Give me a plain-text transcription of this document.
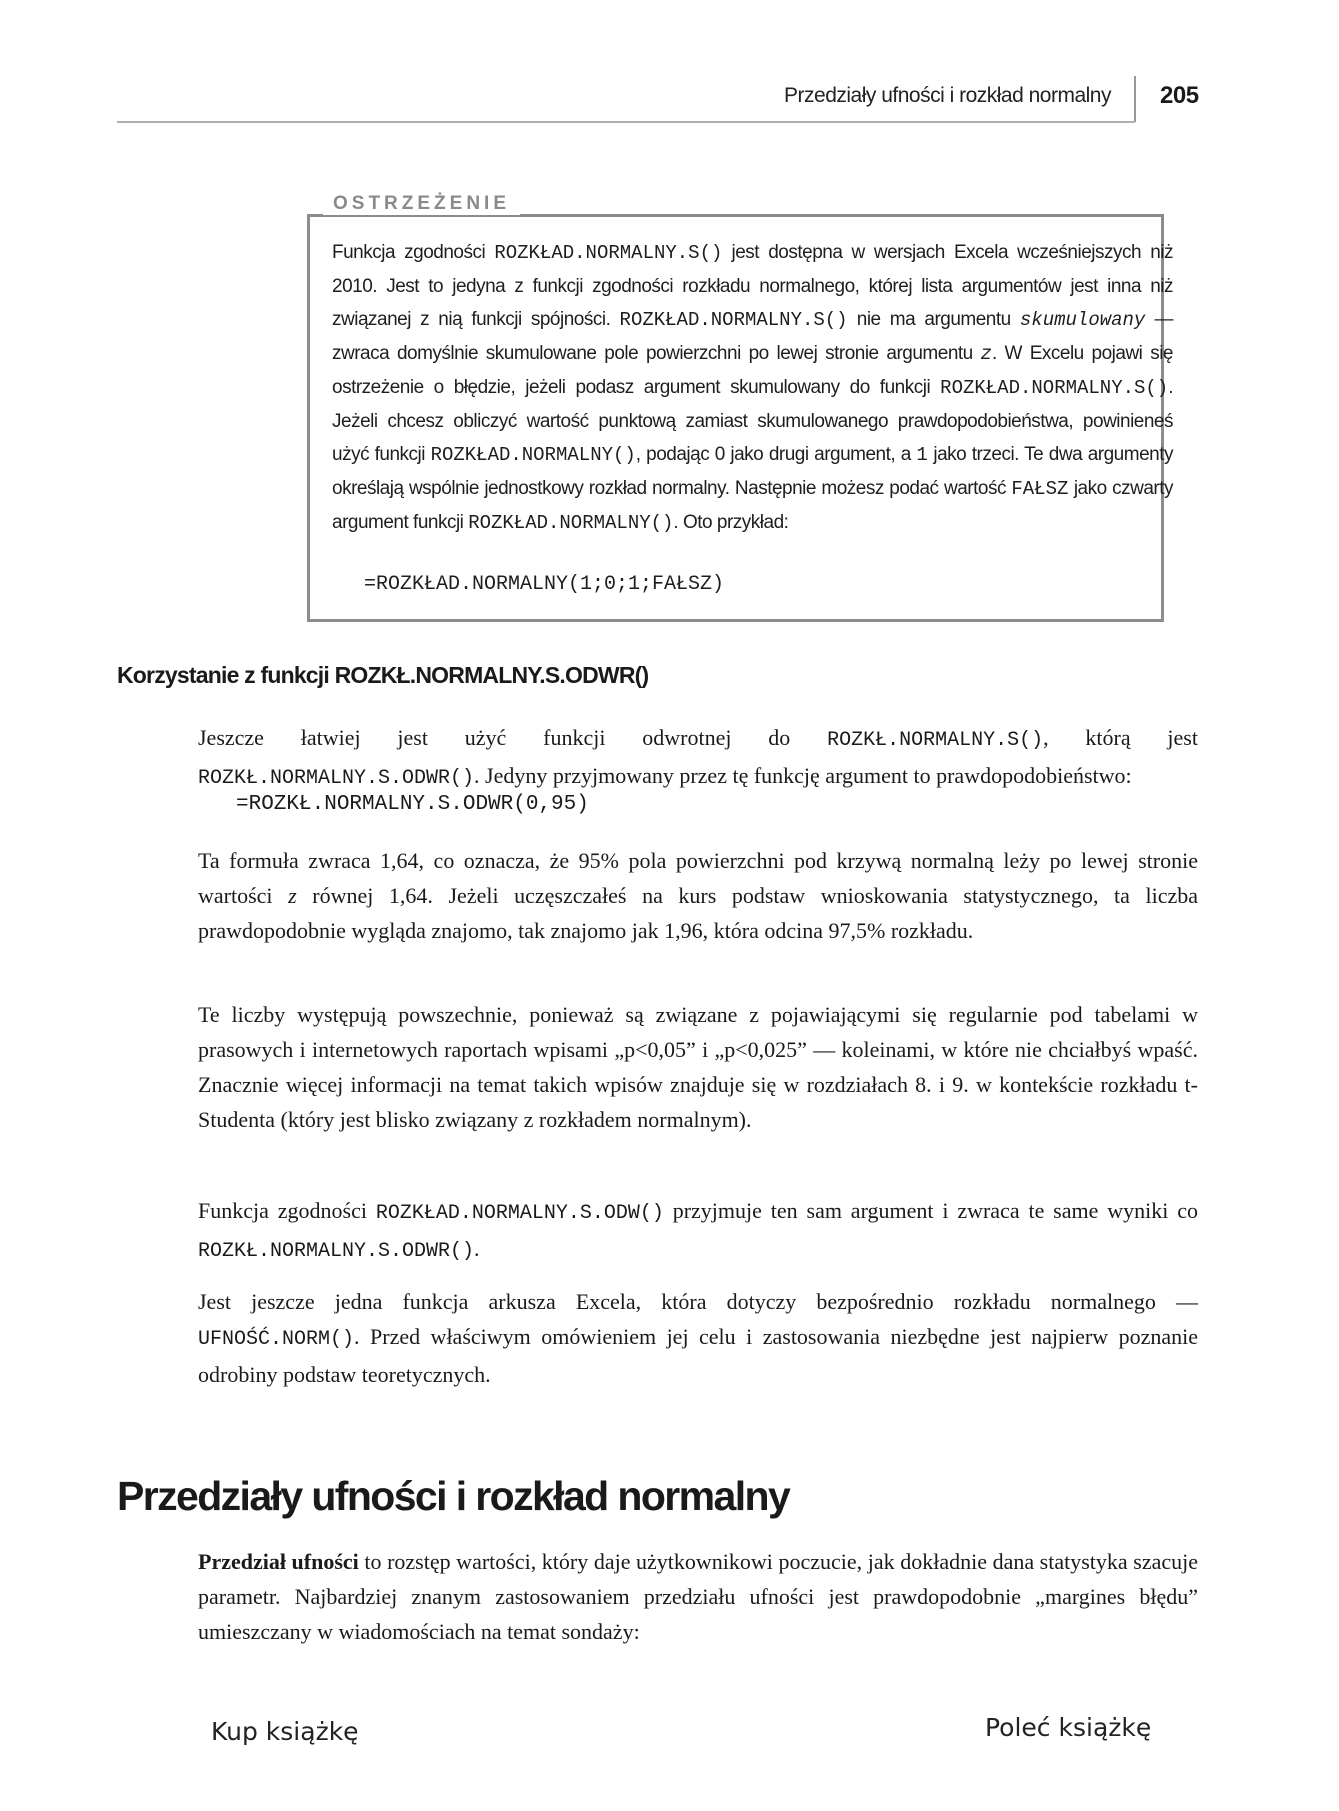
Przedziały ufności i rozkład normalny 205
OSTRZEŻENIE

Funkcja zgodności ROZKŁAD.NORMALNY.S() jest dostępna w wersjach Excela wcześniejszych niż 2010. Jest to jedyna z funkcji zgodności rozkładu normalnego, której lista argumentów jest inna niż związanej z nią funkcji spójności. ROZKŁAD.NORMALNY.S() nie ma argumentu skumulowany — zwraca domyślnie skumulowane pole powierzchni po lewej stronie argumentu z. W Excelu pojawi się ostrzeżenie o błędzie, jeżeli podasz argument skumulowany do funkcji ROZKŁAD.NORMALNY.S(). Jeżeli chcesz obliczyć wartość punktową zamiast skumulowanego prawdopodobieństwa, powinieneś użyć funkcji ROZKŁAD.NORMALNY(), podając 0 jako drugi argument, a 1 jako trzeci. Te dwa argumenty określają wspólnie jednostkowy rozkład normalny. Następnie możesz podać wartość FAŁSZ jako czwarty argument funkcji ROZKŁAD.NORMALNY(). Oto przykład:

=ROZKŁAD.NORMALNY(1;0;1;FAŁSZ)
Korzystanie z funkcji ROZKŁ.NORMALNY.S.ODWR()

Jeszcze łatwiej jest użyć funkcji odwrotnej do ROZKŁ.NORMALNY.S(), którą jest ROZKŁ.NORMALNY.S.ODWR(). Jedyny przyjmowany przez tę funkcję argument to prawdopodobieństwo:

=ROZKŁ.NORMALNY.S.ODWR(0,95)

Ta formuła zwraca 1,64, co oznacza, że 95% pola powierzchni pod krzywą normalną leży po lewej stronie wartości z równej 1,64. Jeżeli uczęszczałeś na kurs podstaw wnioskowania statystycznego, ta liczba prawdopodobnie wygląda znajomo, tak znajomo jak 1,96, która odcina 97,5% rozkładu.

Te liczby występują powszechnie, ponieważ są związane z pojawiającymi się regularnie pod tabelami w prasowych i internetowych raportach wpisami „p<0,05” i „p<0,025” — koleinami, w które nie chciałbyś wpaść. Znacznie więcej informacji na temat takich wpisów znajduje się w rozdziałach 8. i 9. w kontekście rozkładu t-Studenta (który jest blisko związany z rozkładem normalnym).

Funkcja zgodności ROZKŁAD.NORMALNY.S.ODW() przyjmuje ten sam argument i zwraca te same wyniki co ROZKŁ.NORMALNY.S.ODWR().

Jest jeszcze jedna funkcja arkusza Excela, która dotyczy bezpośrednio rozkładu normalnego — UFNOŚĆ.NORM(). Przed właściwym omówieniem jej celu i zastosowania niezbędne jest najpierw poznanie odrobiny podstaw teoretycznych.

Przedziały ufności i rozkład normalny

Przedział ufności to rozstęp wartości, który daje użytkownikowi poczucie, jak dokładnie dana statystyka szacuje parametr. Najbardziej znanym zastosowaniem przedziału ufności jest prawdopodobnie „margines błędu” umieszczany w wiadomościach na temat sondaży:

Kup książkę	Poleć książkę
